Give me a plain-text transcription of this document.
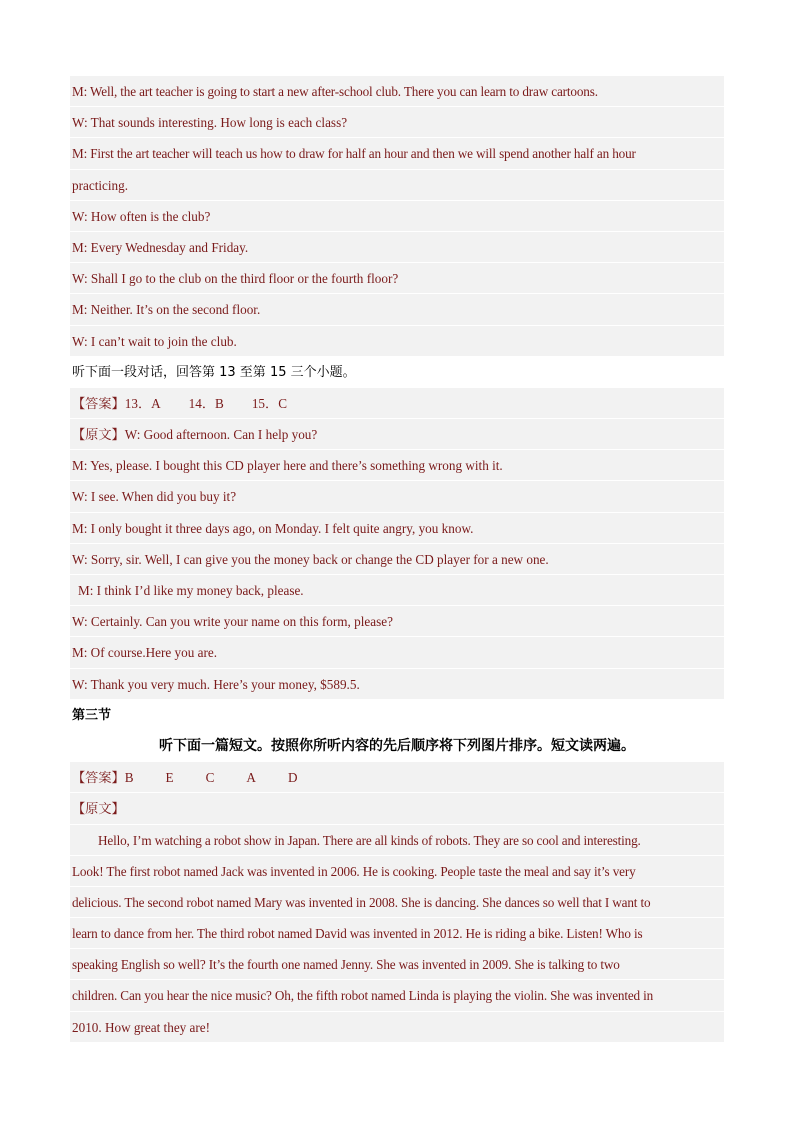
M: Well, the art teacher is going to start a new after-school club. There you can learn to draw cartoons.
W: That sounds interesting. How long is each class?
M: First the art teacher will teach us how to draw for half an hour and then we will spend another half an hour
practicing.
W: How often is the club?
M: Every Wednesday and Friday.
W: Shall I go to the club on the third floor or the fourth floor?
M: Neither. It’s on the second floor.
W: I can’t wait to join the club.
听下面一段对话，回答第 13 至第 15 三个小题。
【答案】13．A 14．B 15．C
【原文】W: Good afternoon. Can I help you?
M: Yes, please. I bought this CD player here and there’s something wrong with it.
W: I see. When did you buy it?
M: I only bought it three days ago, on Monday. I felt quite angry, you know.
W: Sorry, sir. Well, I can give you the money back or change the CD player for a new one.
M: I think I’d like my money back, please.
W: Certainly. Can you write your name on this form, please?
M: Of course.Here you are.
W: Thank you very much. Here’s your money, $589.5.
第三节
听下面一篇短文。按照你所听内容的先后顺序将下列图片排序。短文读两遍。
【答案】B E C A D
【原文】
Hello, I’m watching a robot show in Japan. There are all kinds of robots. They are so cool and interesting.
Look! The first robot named Jack was invented in 2006. He is cooking. People taste the meal and say it’s very
delicious. The second robot named Mary was invented in 2008. She is dancing. She dances so well that I want to
learn to dance from her. The third robot named David was invented in 2012. He is riding a bike. Listen! Who is
speaking English so well? It’s the fourth one named Jenny. She was invented in 2009. She is talking to two
children. Can you hear the nice music? Oh, the fifth robot named Linda is playing the violin. She was invented in
2010. How great they are!
